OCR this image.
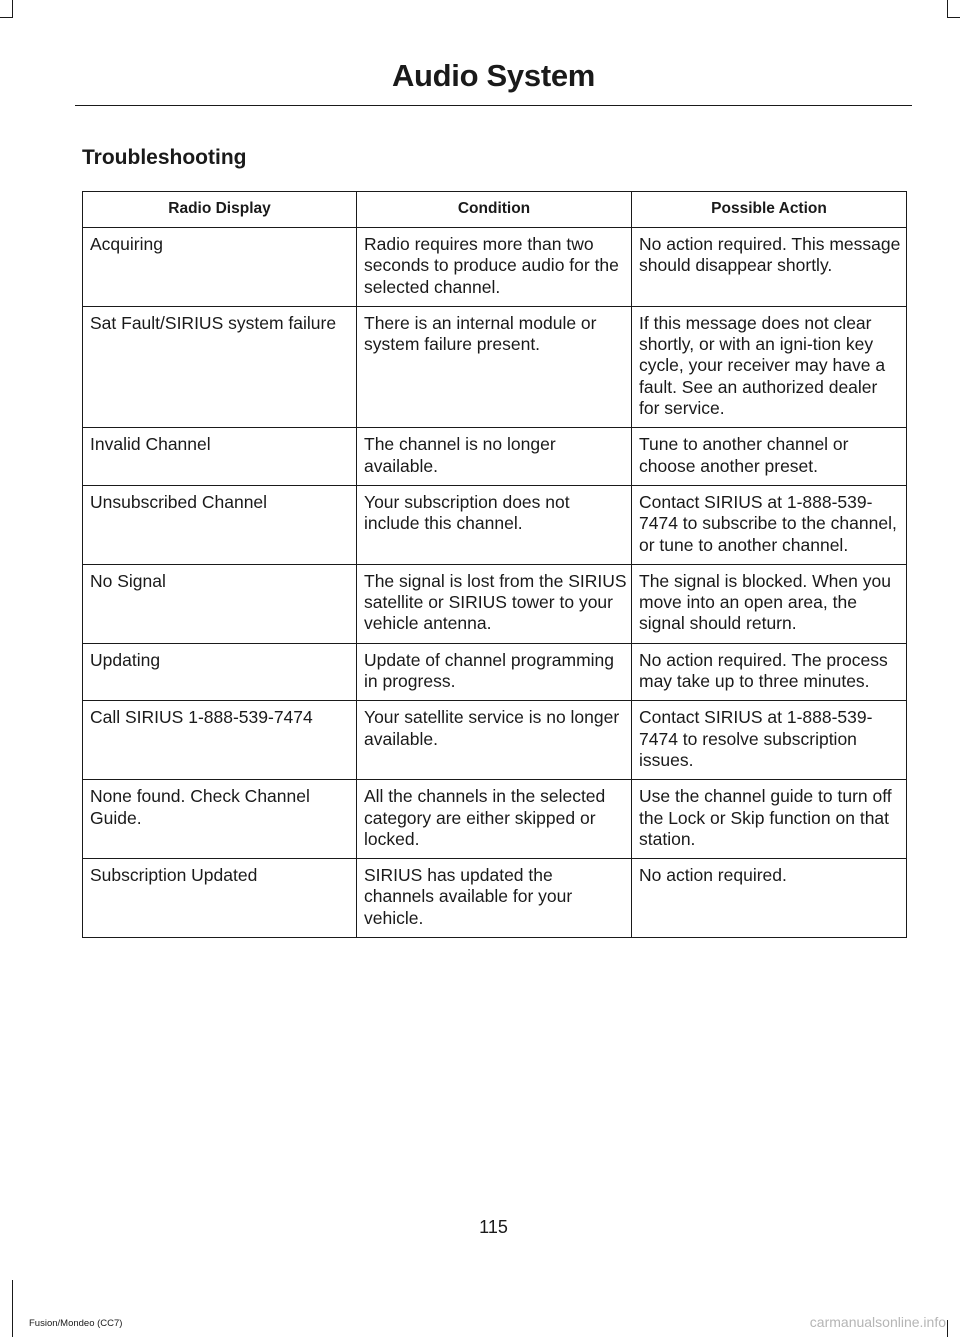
Audio System
Troubleshooting
Radio Display	Condition	Possible Action
Acquiring	Radio requires more than two seconds to produce audio for the selected channel.	No action required. This message should disappear shortly.
Sat Fault/SIRIUS system failure	There is an internal module or system failure present.	If this message does not clear shortly, or with an igni-tion key cycle, your receiver may have a fault. See an authorized dealer for service.
Invalid Channel	The channel is no longer available.	Tune to another channel or choose another preset.
Unsubscribed Channel	Your subscription does not include this channel.	Contact SIRIUS at 1-888-539-7474 to subscribe to the channel, or tune to another channel.
No Signal	The signal is lost from the SIRIUS satellite or SIRIUS tower to your vehicle antenna.	The signal is blocked. When you move into an open area, the signal should return.
Updating	Update of channel programming in progress.	No action required. The process may take up to three minutes.
Call SIRIUS 1-888-539-7474	Your satellite service is no longer available.	Contact SIRIUS at 1-888-539-7474 to resolve subscription issues.
None found. Check Channel Guide.	All the channels in the selected category are either skipped or locked.	Use the channel guide to turn off the Lock or Skip function on that station.
Subscription Updated	SIRIUS has updated the channels available for your vehicle.	No action required.
115
Fusion/Mondeo (CC7)	carmanualsonline.info
